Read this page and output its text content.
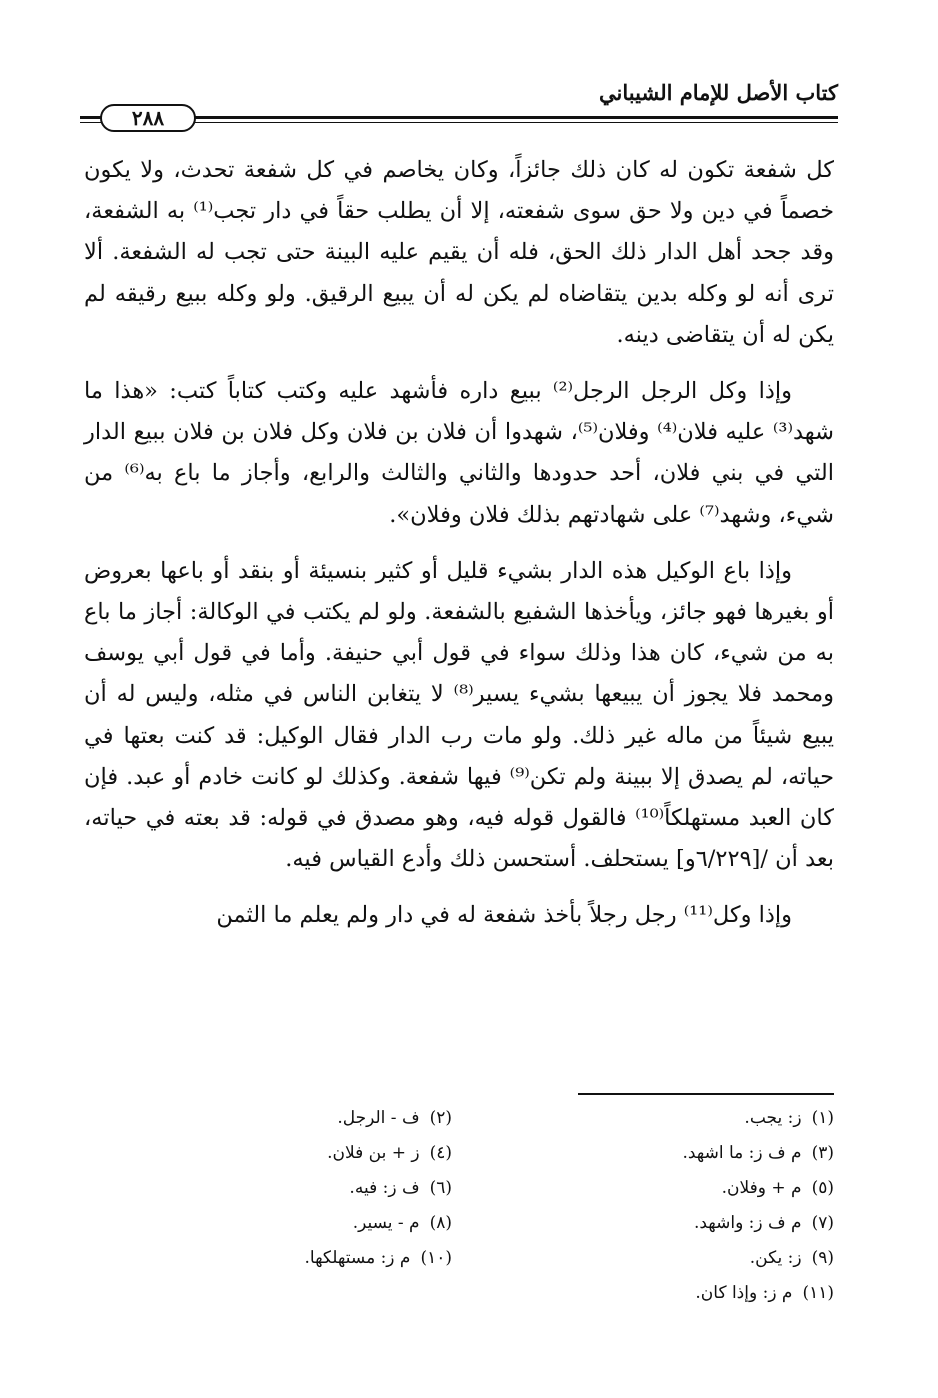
كتاب الأصل للإمام الشيباني
٢٨٨

كل شفعة تكون له كان ذلك جائزاً، وكان يخاصم في كل شفعة تحدث، ولا يكون خصماً في دين ولا حق سوى شفعته، إلا أن يطلب حقاً في دار تجب⁽¹⁾ به الشفعة، وقد جحد أهل الدار ذلك الحق، فله أن يقيم عليه البينة حتى تجب له الشفعة. ألا ترى أنه لو وكله بدين يتقاضاه لم يكن له أن يبيع الرقيق. ولو وكله ببيع رقيقه لم يكن له أن يتقاضى دينه.

وإذا وكل الرجل الرجل⁽²⁾ ببيع داره فأشهد عليه وكتب كتاباً كتب: «هذا ما شهد⁽³⁾ عليه فلان⁽⁴⁾ وفلان⁽⁵⁾، شهدوا أن فلان بن فلان وكل فلان بن فلان ببيع الدار التي في بني فلان، أحد حدودها والثاني والثالث والرابع، وأجاز ما باع به⁽⁶⁾ من شيء، وشهد⁽⁷⁾ على شهادتهم بذلك فلان وفلان».

وإذا باع الوكيل هذه الدار بشيء قليل أو كثير بنسيئة أو بنقد أو باعها بعروض أو بغيرها فهو جائز، ويأخذها الشفيع بالشفعة. ولو لم يكتب في الوكالة: أجاز ما باع به من شيء، كان هذا وذلك سواء في قول أبي حنيفة. وأما في قول أبي يوسف ومحمد فلا يجوز أن يبيعها بشيء يسير⁽⁸⁾ لا يتغابن الناس في مثله، وليس له أن يبيع شيئاً من ماله غير ذلك. ولو مات رب الدار فقال الوكيل: قد كنت بعتها في حياته، لم يصدق إلا ببينة ولم تكن⁽⁹⁾ فيها شفعة. وكذلك لو كانت خادم أو عبد. فإن كان العبد مستهلكاً⁽¹⁰⁾ فالقول قوله فيه، وهو مصدق في قوله: قد بعته في حياته، بعد أن /[٦/٢٢٩و] يستحلف. أستحسن ذلك وأدع القياس فيه.

وإذا وكل⁽¹¹⁾ رجل رجلاً بأخذ شفعة له في دار ولم يعلم ما الثمن

(١)ز: يجب.
(٢)ف - الرجل.
(٣)م ف ز: ما اشهد.
(٤)ز + بن فلان.
(٥)م + وفلان.
(٦)ف ز: فيه.
(٧)م ف ز: واشهد.
(٨)م - يسير.
(٩)ز: يكن.
(١٠)م ز: مستهلكها.
(١١)م ز: وإذا كان.
